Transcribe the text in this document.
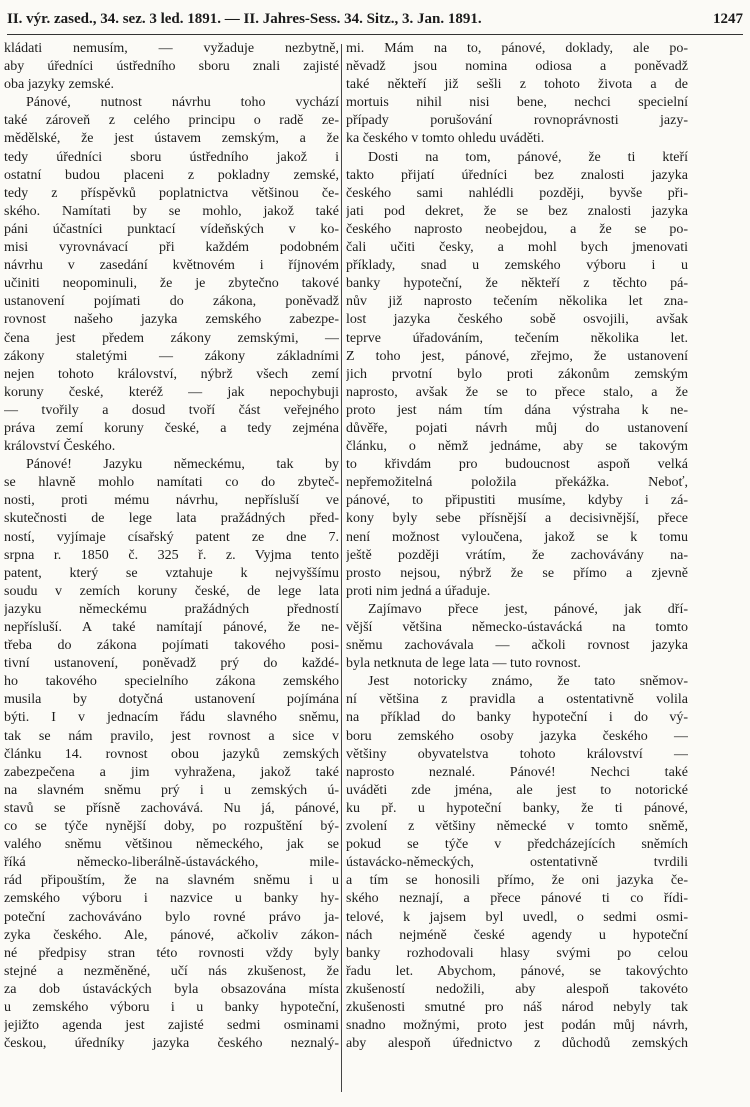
II. výr. zased., 34. sez. 3 led. 1891. — II. Jahres-Sess. 34. Sitz., 3. Jan. 1891.	1247
kládati nemusím, — vyžaduje nezbytně,
aby úředníci ústředního sboru znali zajisté
oba jazyky zemské.
Pánové, nutnost návrhu toho vychází
také zároveň z celého principu o radě ze-
mědělské, že jest ústavem zemským, a že
tedy úředníci sboru ústředního jakož i
ostatní budou placeni z pokladny zemské,
tedy z příspěvků poplatnictva většinou če-
ského. Namítati by se mohlo, jakož také
páni účastníci punktací vídeňských v ko-
misi vyrovnávací při každém podobném
návrhu v zasedání květnovém i říjnovém
učiniti neopominuli, že je zbytečno takové
ustanovení pojímati do zákona, poněvadž
rovnost našeho jazyka zemského zabezpe-
čena jest předem zákony zemskými, —
zákony staletými — zákony základními
nejen tohoto království, nýbrž všech zemí
koruny české, kteréž — jak nepochybuji
— tvořily a dosud tvoří část veřejného
práva zemí koruny české, a tedy zejména
království Českého.
Pánové! Jazyku německému, tak by
se hlavně mohlo namítati co do zbyteč-
nosti, proti mému návrhu, nepřísluší ve
skutečnosti de lege lata pražádných před-
ností, vyjímaje císařský patent ze dne 7.
srpna r. 1850 č. 325 ř. z. Vyjma tento
patent, který se vztahuje k nejvyššímu
soudu v zemích koruny české, de lege lata
jazyku německému pražádných předností
nepřísluší. A také namítají pánové, že ne-
třeba do zákona pojímati takového posi-
tivní ustanovení, poněvadž prý do každé-
ho takového specielního zákona zemského
musila by dotyčná ustanovení pojímána
býti. I v jednacím řádu slavného sněmu,
tak se nám pravilo, jest rovnost a sice v
článku 14. rovnost obou jazyků zemských
zabezpečena a jim vyhražena, jakož také
na slavném sněmu prý i u zemských ú-
stavů se přísně zachovává. Nu já, pánové,
co se týče nynější doby, po rozpuštění bý-
valého sněmu většinou německého, jak se
říká německo-liberálně-ústaváckého, mile-
rád připouštím, že na slavném sněmu i u
zemského výboru i nazvice u banky hy-
poteční zachováváno bylo rovné právo ja-
zyka českého. Ale, pánové, ačkoliv zákon-
né předpisy stran této rovnosti vždy byly
stejné a nezměněné, učí nás zkušenost, že
za dob ústaváckých byla obsazována místa
u zemského výboru i u banky hypoteční,
jejižto agenda jest zajisté sedmi osminami
českou, úředníky jazyka českého neznalý-
mi. Mám na to, pánové, doklady, ale po-
něvadž jsou nomina odiosa a poněvadž
také někteří již sešli z tohoto života a de
mortuis nihil nisi bene, nechci specielní
případy porušování rovnoprávnosti jazy-
ka českého v tomto ohledu uváděti.
Dosti na tom, pánové, že ti kteří
takto přijatí úředníci bez znalosti jazyka
českého sami nahlédli později, byvše při-
jati pod dekret, že se bez znalosti jazyka
českého naprosto neobejdou, a že se po-
čali učiti česky, a mohl bych jmenovati
příklady, snad u zemského výboru i u
banky hypoteční, že někteří z těchto pá-
nův již naprosto tečením několika let zna-
lost jazyka českého sobě osvojili, avšak
teprve úřadováním, tečením několika let.
Z toho jest, pánové, zřejmo, že ustanovení
jich prvotní bylo proti zákonům zemským
naprosto, avšak že se to přece stalo, a že
proto jest nám tím dána výstraha k ne-
důvěře, pojati návrh můj do ustanovení
článku, o němž jednáme, aby se takovým
to křivdám pro budoucnost aspoň velká
nepřemožitelná položila překážka. Neboť,
pánové, to připustiti musíme, kdyby i zá-
kony byly sebe přísnější a decisivnější, přece
není možnost vyloučena, jakož se k tomu
ještě později vrátím, že zachovávány na-
prosto nejsou, nýbrž že se přímo a zjevně
proti nim jedná a úřaduje.
Zajímavo přece jest, pánové, jak dří-
vější většina německo-ústavácká na tomto
sněmu zachovávala — ačkoli rovnost jazyka
byla netknuta de lege lata — tuto rovnost.
Jest notoricky známo, že tato sněmov-
ní většina z pravidla a ostentativně volila
na příklad do banky hypoteční i do vý-
boru zemského osoby jazyka českého —
většiny obyvatelstva tohoto království —
naprosto neznalé. Pánové! Nechci také
uváděti zde jména, ale jest to notorické
ku př. u hypoteční banky, že ti pánové,
zvolení z většiny německé v tomto sněmě,
pokud se týče v předcházejících sněmích
ústavácko-německých, ostentativně tvrdili
a tím se honosili přímo, že oni jazyka če-
ského neznají, a přece pánové ti co řídi-
telové, k jajsem byl uvedl, o sedmi osmi-
nách nejméně české agendy u hypoteční
banky rozhodovali hlasy svými po celou
řadu let. Abychom, pánové, se takovýchto
zkušeností nedožili, aby alespoň takovéto
zkušenosti smutné pro náš národ nebyly tak
snadno možnými, proto jest podán můj návrh,
aby alespoň úřednictvo z důchodů zemských
